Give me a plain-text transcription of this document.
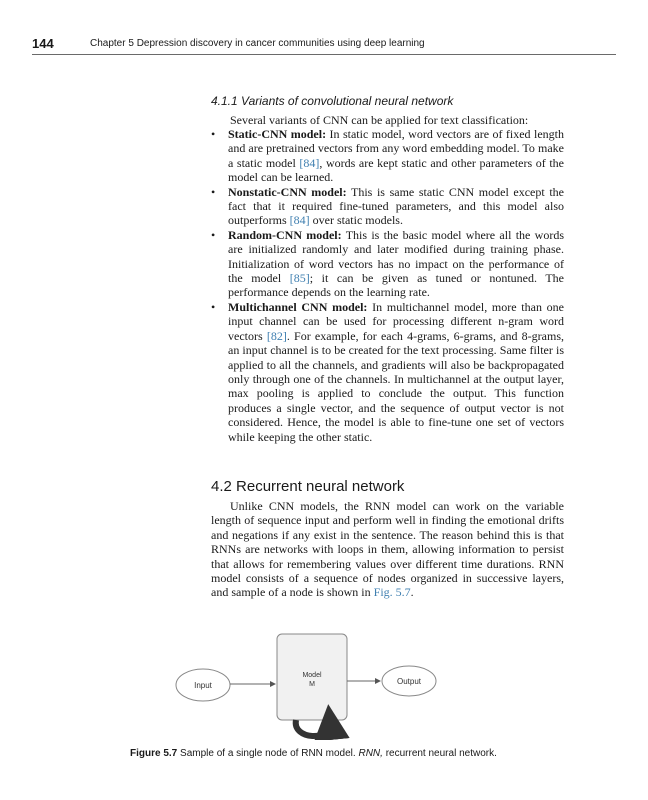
144	Chapter 5 Depression discovery in cancer communities using deep learning
4.1.1 Variants of convolutional neural network
Several variants of CNN can be applied for text classification:
• Static-CNN model: In static model, word vectors are of fixed length and are pretrained vectors from any word embedding model. To make a static model [84], words are kept static and other parameters of the model can be learned.
• Nonstatic-CNN model: This is same static CNN model except the fact that it required fine-tuned parameters, and this model also outperforms [84] over static models.
• Random-CNN model: This is the basic model where all the words are initialized randomly and later modified during training phase. Initialization of word vectors has no impact on the performance of the model [85]; it can be given as tuned or nontuned. The performance depends on the learning rate.
• Multichannel CNN model: In multichannel model, more than one input channel can be used for processing different n-gram word vectors [82]. For example, for each 4-grams, 6-grams, and 8-grams, an input channel is to be created for the text processing. Same filter is applied to all the channels, and gradients will also be backpropagated only through one of the channels. In multichannel at the output layer, max pooling is applied to conclude the output. This function produces a single vector, and the sequence of output vector is not considered. Hence, the model is able to fine-tune one set of vectors while keeping the other static.
4.2 Recurrent neural network

Unlike CNN models, the RNN model can work on the variable length of sequence input and perform well in finding the emotional drifts and negations if any exist in the sentence. The reason behind this is that RNNs are networks with loops in them, allowing information to persist that allows for remembering values over different time durations. RNN model consists of a sequence of nodes organized in successive layers, and sample of a node is shown in Fig. 5.7.

Input
Model
M	Output
Figure 5.7 Sample of a single node of RNN model. RNN, recurrent neural network.
